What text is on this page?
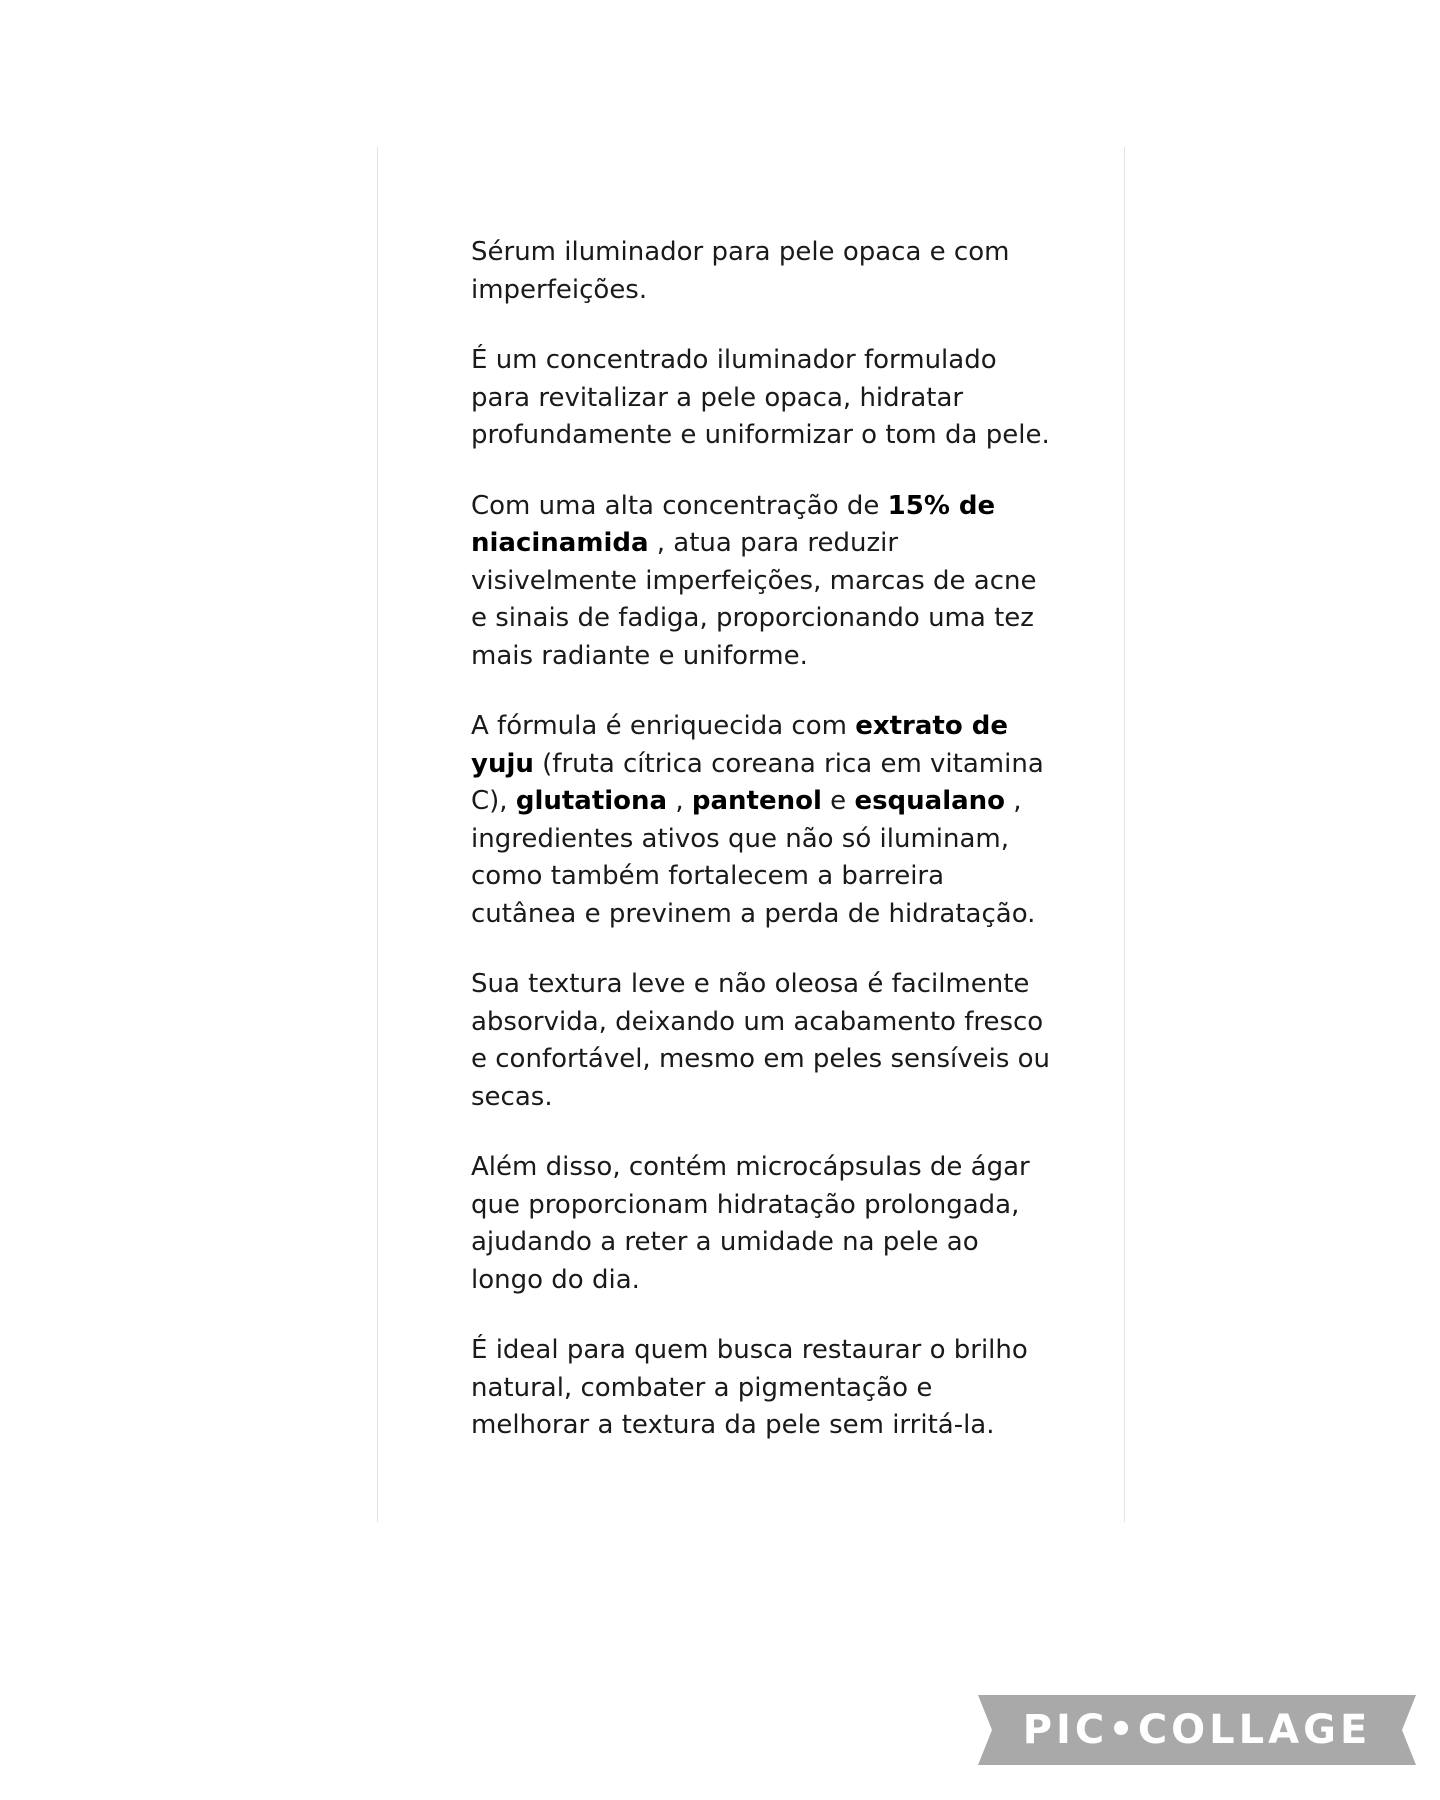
Sérum iluminador para pele opaca e com imperfeições.

É um concentrado iluminador formulado para revitalizar a pele opaca, hidratar profundamente e uniformizar o tom da pele.

Com uma alta concentração de 15% de niacinamida , atua para reduzir visivelmente imperfeições, marcas de acne e sinais de fadiga, proporcionando uma tez mais radiante e uniforme.

A fórmula é enriquecida com extrato de yuju (fruta cítrica coreana rica em vitamina C), glutationa , pantenol e esqualano , ingredientes ativos que não só iluminam, como também fortalecem a barreira cutânea e previnem a perda de hidratação.

Sua textura leve e não oleosa é facilmente absorvida, deixando um acabamento fresco e confortável, mesmo em peles sensíveis ou secas.

Além disso, contém microcápsulas de ágar que proporcionam hidratação prolongada, ajudando a reter a umidade na pele ao longo do dia.

É ideal para quem busca restaurar o brilho natural, combater a pigmentação e melhorar a textura da pele sem irritá-la.

PIC•COLLAGE
